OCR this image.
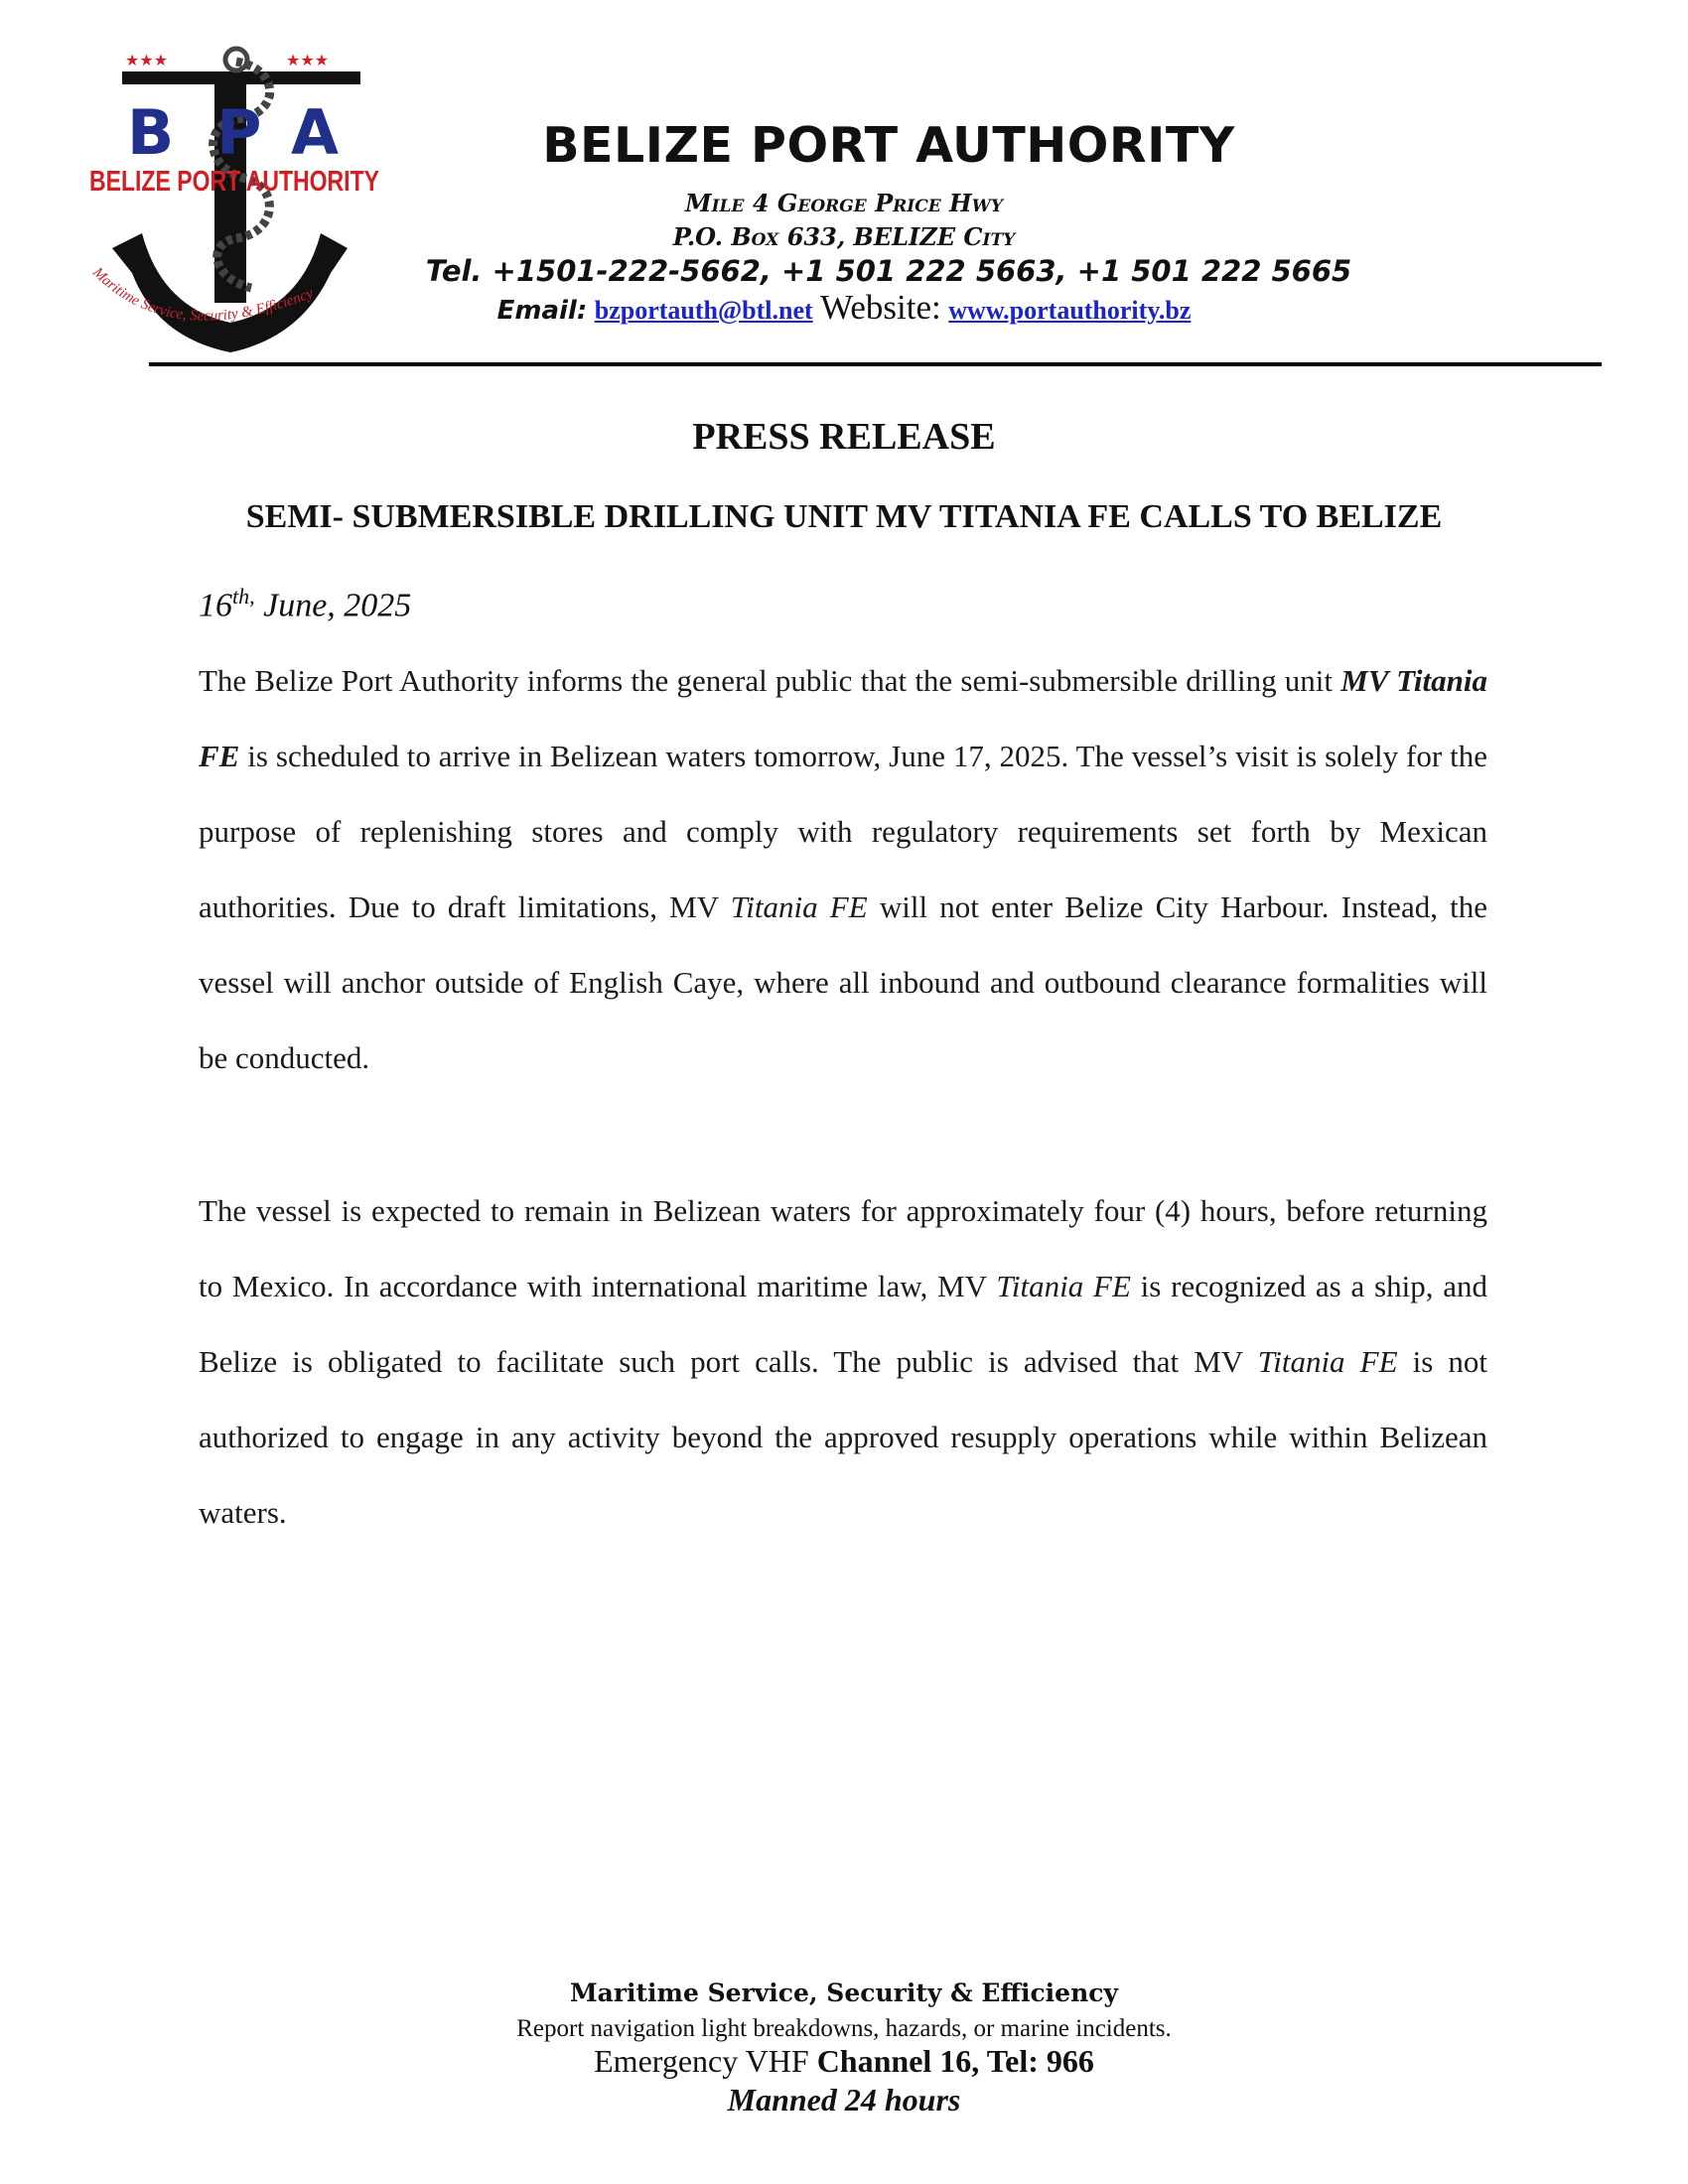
★★★	★★★
B P A
BELIZE PORT AUTHORITY
Maritime Service, Security & Efficiency
BELIZE PORT AUTHORITY
Mile 4 George Price Hwy
P.O. Box 633, BELIZE City
Tel. +1501-222-5662, +1 501 222 5663, +1 501 222 5665
Email: bzportauth@btl.net Website: www.portauthority.bz
PRESS RELEASE
SEMI- SUBMERSIBLE DRILLING UNIT MV TITANIA FE CALLS TO BELIZE
$16^{th,}$ June, 2025

The Belize Port Authority informs the general public that the semi-submersible drilling unit MV Titania FE is scheduled to arrive in Belizean waters tomorrow, June 17, 2025. The vessel’s visit is solely for the purpose of replenishing stores and comply with regulatory requirements set forth by Mexican authorities. Due to draft limitations, MV Titania FE will not enter Belize City Harbour. Instead, the vessel will anchor outside of English Caye, where all inbound and outbound clearance formalities will be conducted.

The vessel is expected to remain in Belizean waters for approximately four (4) hours, before returning to Mexico. In accordance with international maritime law, MV Titania FE is recognized as a ship, and Belize is obligated to facilitate such port calls. The public is advised that MV Titania FE is not authorized to engage in any activity beyond the approved resupply operations while within Belizean waters.

Maritime Service, Security & Efficiency
Report navigation light breakdowns, hazards, or marine incidents.
Emergency VHF Channel 16, Tel: 966
Manned 24 hours
